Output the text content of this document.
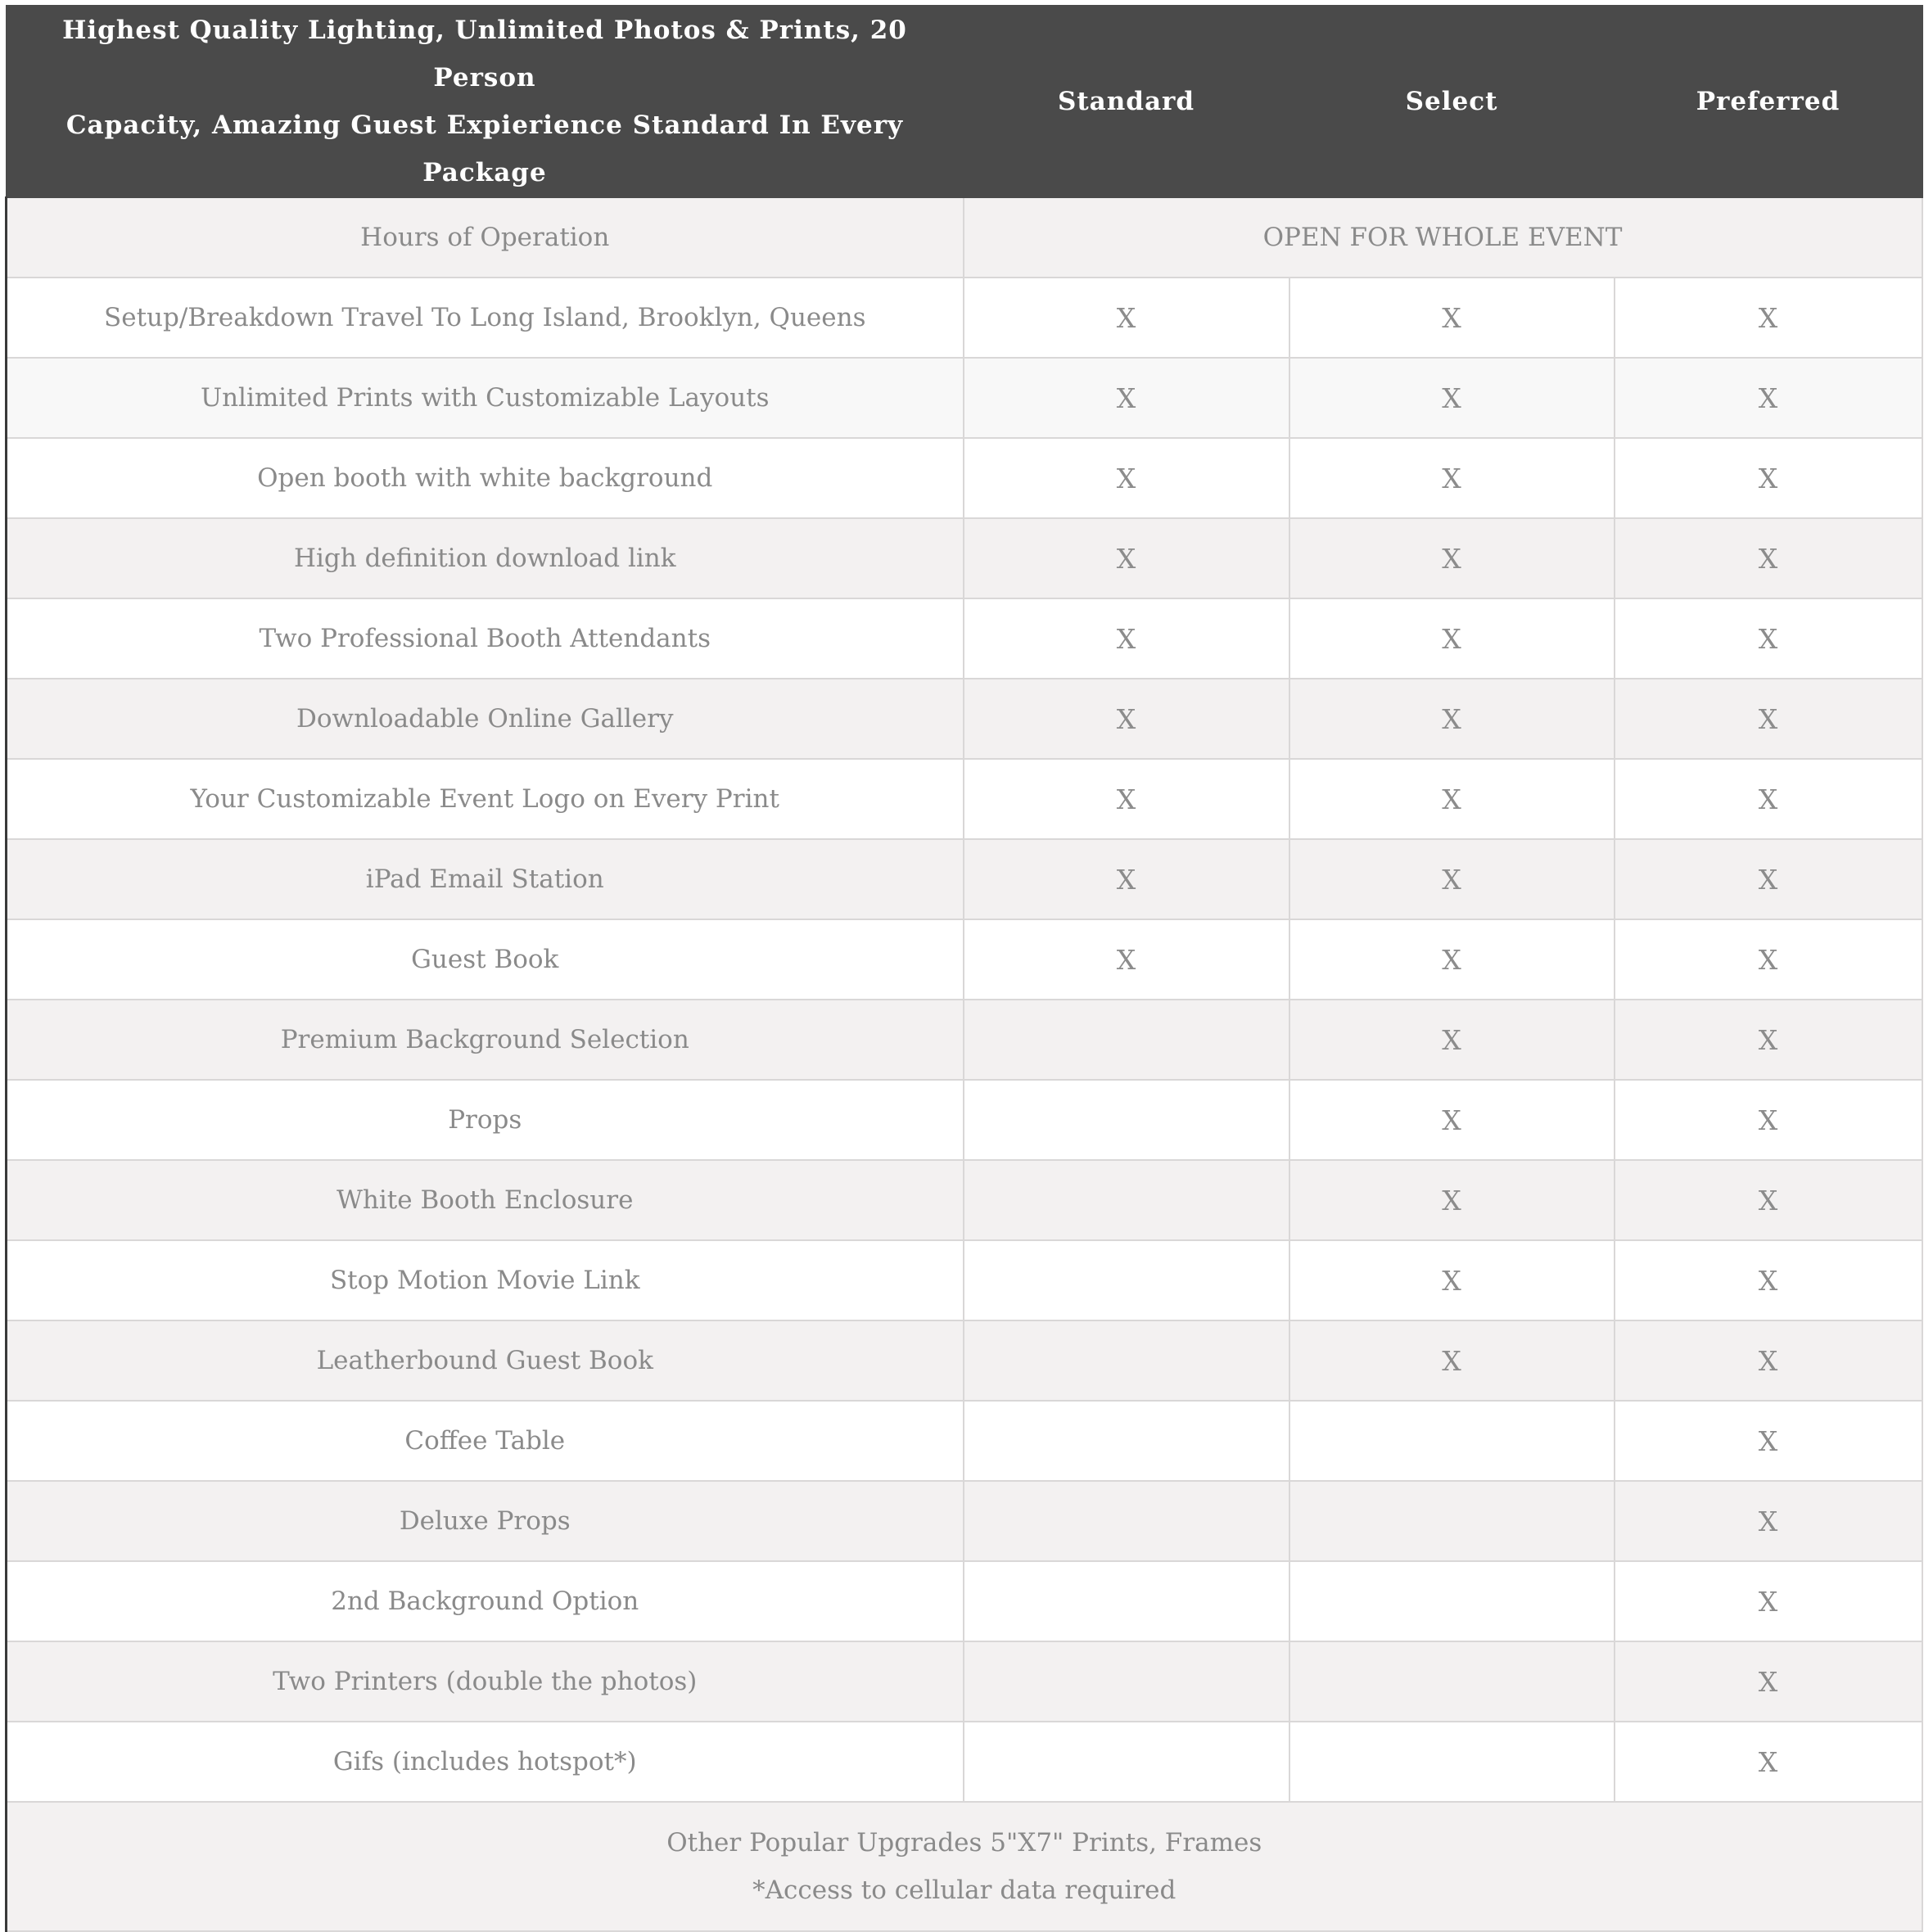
Highest Quality Lighting, Unlimited Photos & Prints, 20 Person
Capacity, Amazing Guest Expierience Standard In Every Package	Standard	Select	Preferred
Hours of Operation	OPEN FOR WHOLE EVENT		
Setup/Breakdown Travel To Long Island, Brooklyn, Queens	X	X	X
Unlimited Prints with Customizable Layouts	X	X	X
Open booth with white background	X	X	X
High definition download link	X	X	X
Two Professional Booth Attendants	X	X	X
Downloadable Online Gallery	X	X	X
Your Customizable Event Logo on Every Print	X	X	X
iPad Email Station	X	X	X
Guest Book	X	X	X
Premium Background Selection		X	X
Props		X	X
White Booth Enclosure		X	X
Stop Motion Movie Link		X	X
Leatherbound Guest Book		X	X
Coffee Table			X
Deluxe Props			X
2nd Background Option			X
Two Printers (double the photos)			X
Gifs (includes hotspot*)			X
Other Popular Upgrades 5"X7" Prints, Frames
*Access to cellular data required			
